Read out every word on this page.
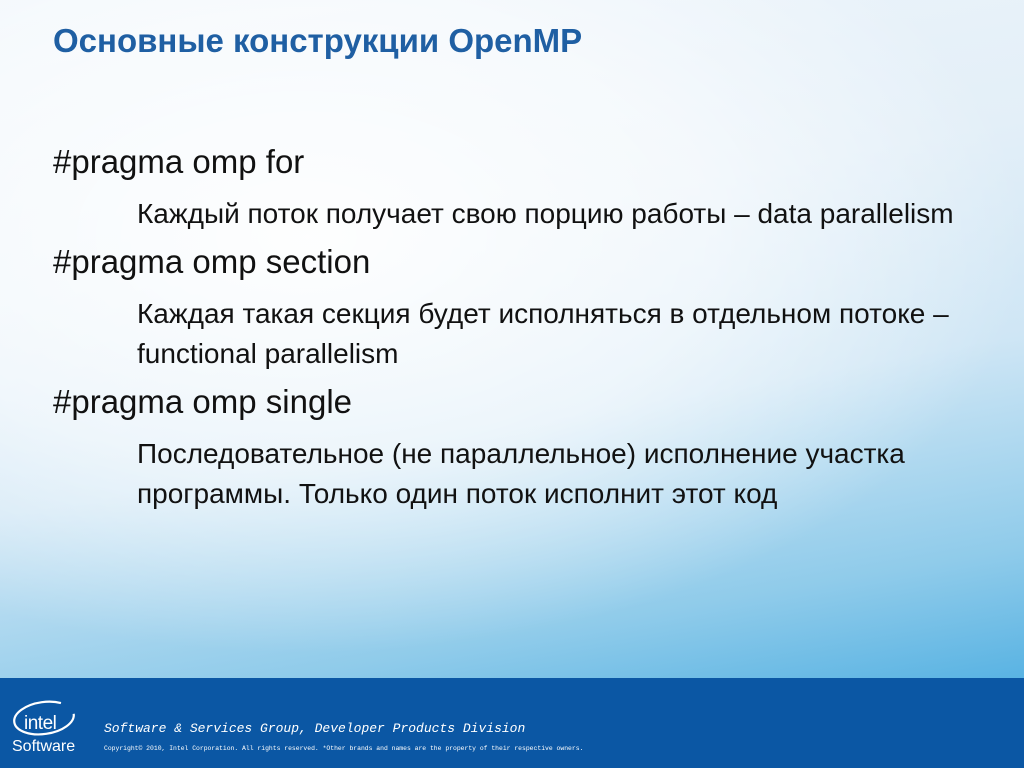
Основные конструкции OpenMP

#pragma omp for

Каждый поток получает свою порцию работы – data parallelism

#pragma omp section

Каждая такая секция будет исполняться в отдельном потоке – functional parallelism

#pragma omp single

Последовательное (не параллельное) исполнение участка программы. Только один поток исполнит этот код

intel
Software
Software & Services Group, Developer Products Division
Copyright© 2010, Intel Corporation. All rights reserved. *Other brands and names are the property of their respective owners.
